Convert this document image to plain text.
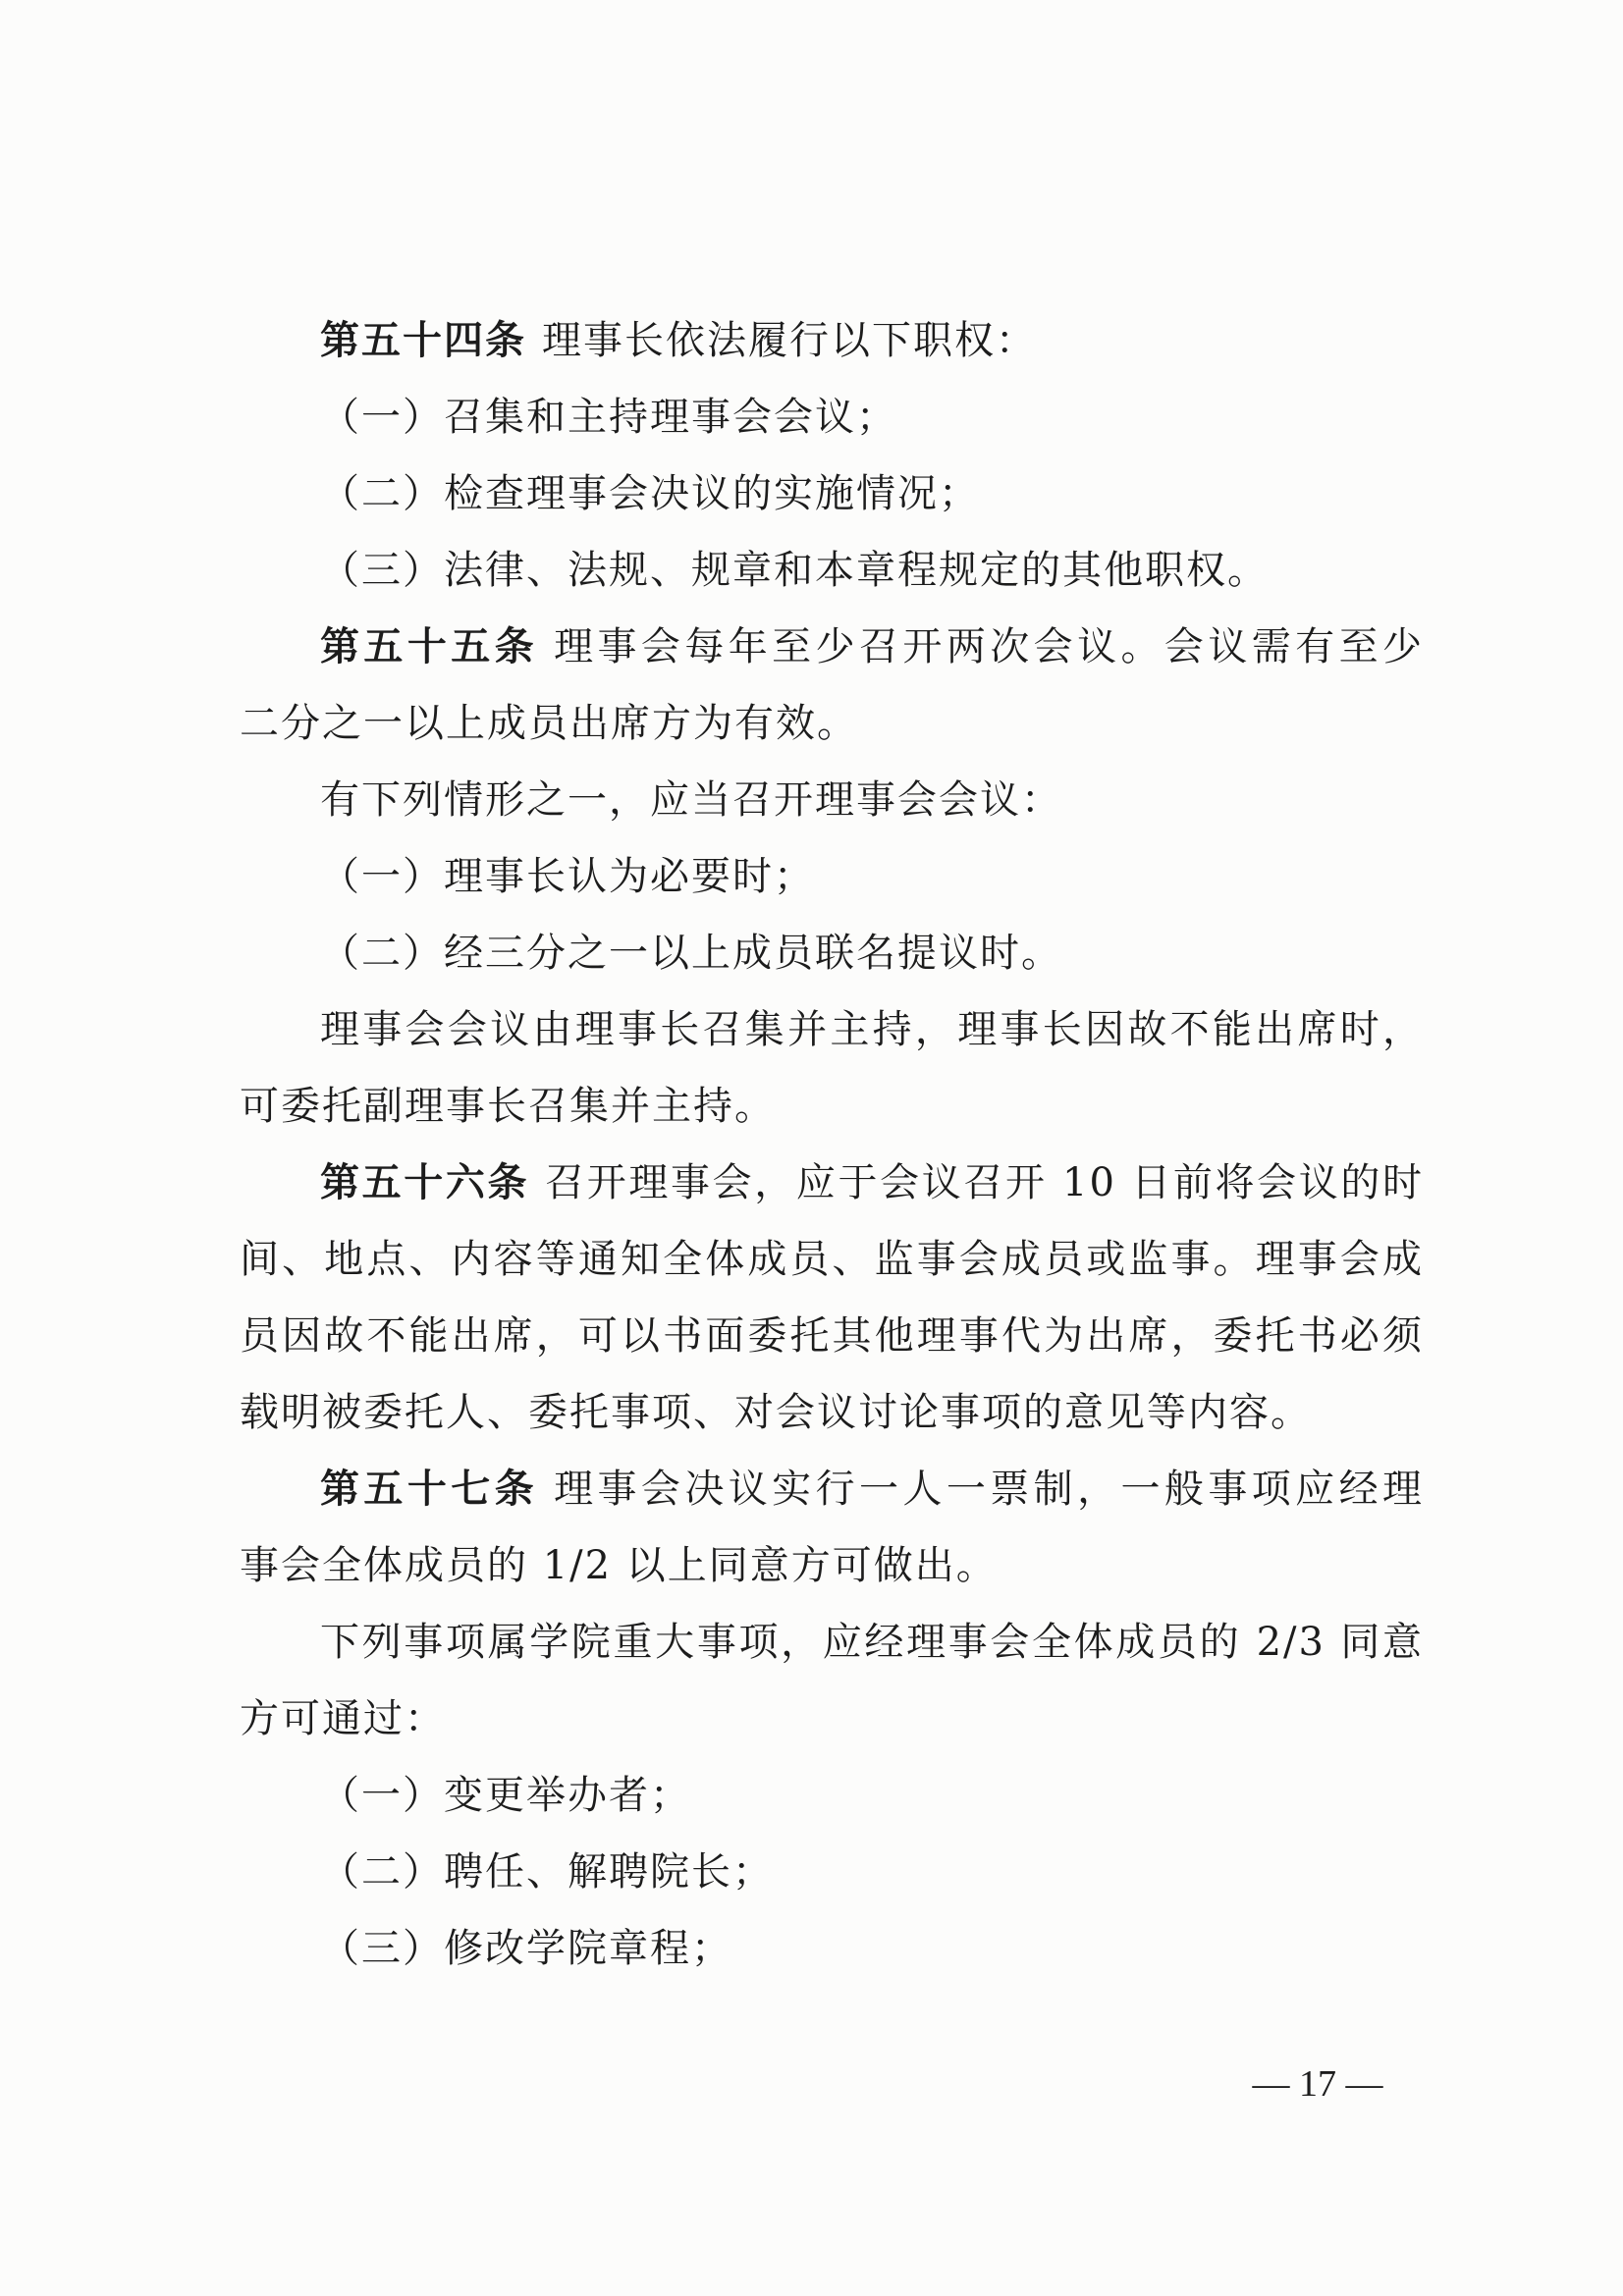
第五十四条 理事长依法履行以下职权：
（一）召集和主持理事会会议；
（二）检查理事会决议的实施情况；
（三）法律、法规、规章和本章程规定的其他职权。
第五十五条 理事会每年至少召开两次会议。会议需有至少
二分之一以上成员出席方为有效。
有下列情形之一，应当召开理事会会议：
（一）理事长认为必要时；
（二）经三分之一以上成员联名提议时。
理事会会议由理事长召集并主持，理事长因故不能出席时，
可委托副理事长召集并主持。
第五十六条 召开理事会，应于会议召开 10 日前将会议的时
间、地点、内容等通知全体成员、监事会成员或监事。理事会成
员因故不能出席，可以书面委托其他理事代为出席，委托书必须
载明被委托人、委托事项、对会议讨论事项的意见等内容。
第五十七条 理事会决议实行一人一票制，一般事项应经理
事会全体成员的 1/2 以上同意方可做出。
下列事项属学院重大事项，应经理事会全体成员的 2/3 同意
方可通过：
（一）变更举办者；
（二）聘任、解聘院长；
（三）修改学院章程；
— 17 —
